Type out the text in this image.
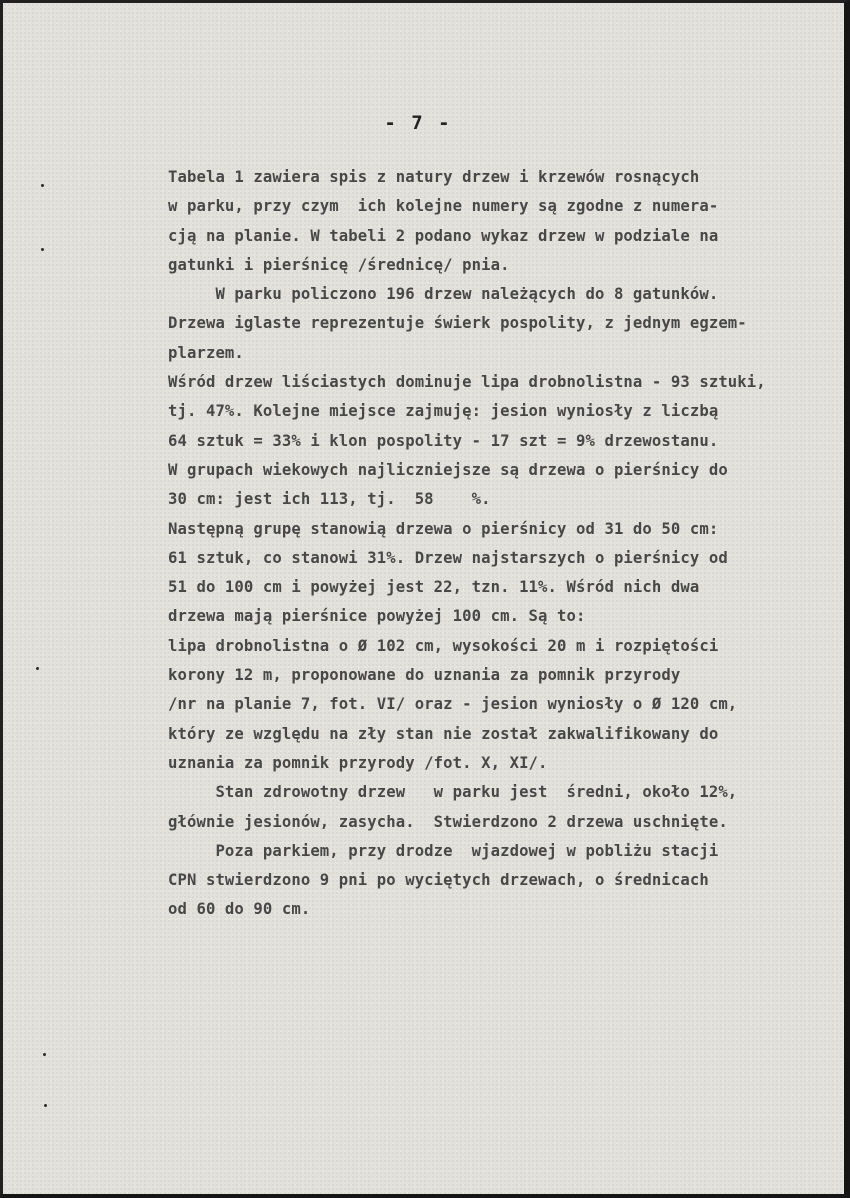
- 7 -
Tabela 1 zawiera spis z natury drzew i krzewów rosnących
w parku, przy czym  ich kolejne numery są zgodne z numera-
cją na planie. W tabeli 2 podano wykaz drzew w podziale na
gatunki i pierśnicę /średnicę/ pnia.
W parku policzono 196 drzew należących do 8 gatunków.
Drzewa iglaste reprezentuje świerk pospolity, z jednym egzem-
plarzem.
Wśród drzew liściastych dominuje lipa drobnolistna - 93 sztuki,
tj. 47%. Kolejne miejsce zajmuję: jesion wyniosły z liczbą
64 sztuk = 33% i klon pospolity - 17 szt = 9% drzewostanu.
W grupach wiekowych najliczniejsze są drzewa o pierśnicy do
30 cm: jest ich 113, tj.  58    %.
Następną grupę stanowią drzewa o pierśnicy od 31 do 50 cm:
61 sztuk, co stanowi 31%. Drzew najstarszych o pierśnicy od
51 do 100 cm i powyżej jest 22, tzn. 11%. Wśród nich dwa
drzewa mają pierśnice powyżej 100 cm. Są to:
lipa drobnolistna o Ø 102 cm, wysokości 20 m i rozpiętości
korony 12 m, proponowane do uznania za pomnik przyrody
/nr na planie 7, fot. VI/ oraz - jesion wyniosły o Ø 120 cm,
który ze względu na zły stan nie został zakwalifikowany do
uznania za pomnik przyrody /fot. X, XI/.
Stan zdrowotny drzew   w parku jest  średni, około 12%,
głównie jesionów, zasycha.  Stwierdzono 2 drzewa uschnięte.
Poza parkiem, przy drodze  wjazdowej w pobliżu stacji
CPN stwierdzono 9 pni po wyciętych drzewach, o średnicach
od 60 do 90 cm.
